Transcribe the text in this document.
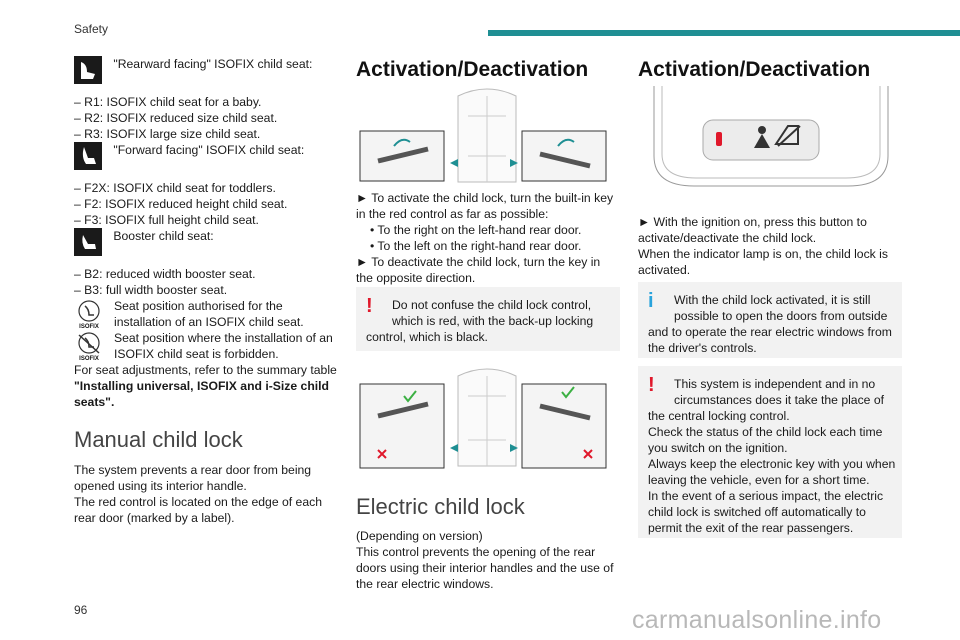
Safety
"Rearward facing" ISOFIX child seat:
– R1: ISOFIX child seat for a baby.
– R2: ISOFIX reduced size child seat.
– R3: ISOFIX large size child seat.
"Forward facing" ISOFIX child seat:
– F2X: ISOFIX child seat for toddlers.
– F2: ISOFIX reduced height child seat.
– F3: ISOFIX full height child seat.
Booster child seat:
– B2: reduced width booster seat.
– B3: full width booster seat.
ISOFIX
Seat position authorised for the
installation of an ISOFIX child seat.
ISOFIX
Seat position where the installation of an
ISOFIX child seat is forbidden.
For seat adjustments, refer to the summary table
"Installing universal, ISOFIX and i-Size child
seats".
Manual child lock
The system prevents a rear door from being
opened using its interior handle.
The red control is located on the edge of each
rear door (marked by a label).
Activation/Deactivation
► To activate the child lock, turn the built-in key
in the red control as far as possible:
• To the right on the left-hand rear door.
• To the left on the right-hand rear door.
► To deactivate the child lock, turn the key in
the opposite direction.
!	Do not confuse the child lock control,
which is red, with the back-up locking
control, which is black.
Electric child lock
(Depending on version)
This control prevents the opening of the rear
doors using their interior handles and the use of
the rear electric windows.
Activation/Deactivation
► With the ignition on, press this button to
activate/deactivate the child lock.
When the indicator lamp is on, the child lock is
activated.
i	With the child lock activated, it is still
possible to open the doors from outside
and to operate the rear electric windows from
the driver's controls.
!	This system is independent and in no
circumstances does it take the place of
the central locking control.
Check the status of the child lock each time
you switch on the ignition.
Always keep the electronic key with you when
leaving the vehicle, even for a short time.
In the event of a serious impact, the electric
child lock is switched off automatically to
permit the exit of the rear passengers.
96	carmanualsonline.info
